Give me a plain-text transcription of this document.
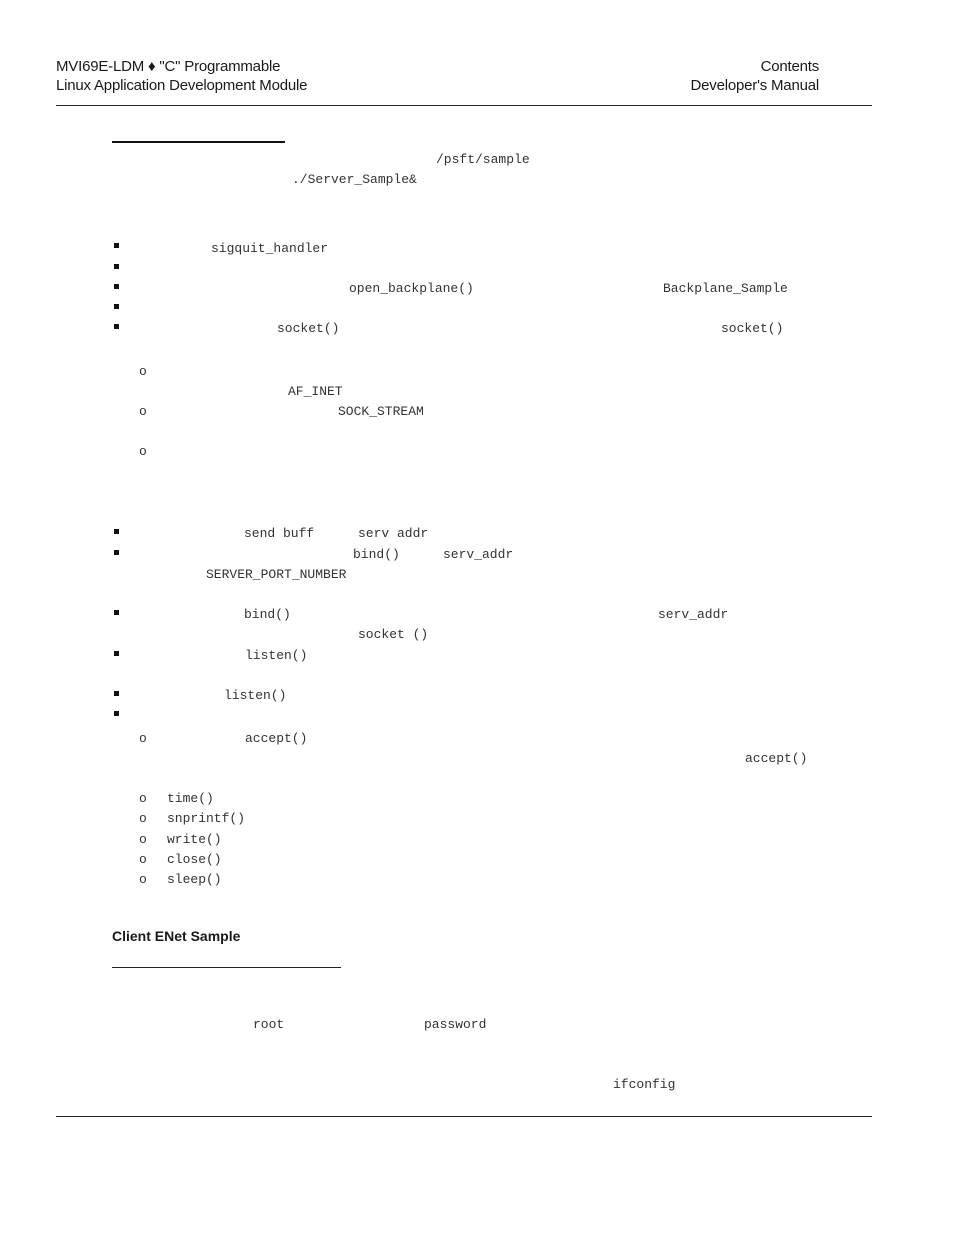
MVI69E-LDM ♦ "C" Programmable
Linux Application Development Module
Contents
Developer's Manual
/psft/sample
./Server_Sample&
sigquit_handler
open_backplane()	Backplane_Sample
socket()	socket()
o
AF_INET
o	SOCK_STREAM
o
send buff	serv addr
bind()	serv_addr
SERVER_PORT_NUMBER
bind()	serv_addr
socket ()
listen()
listen()
o	accept()
accept()
o time()
o snprintf()
o write()
o close()
o sleep()
Client ENet Sample
root	password
ifconfig
